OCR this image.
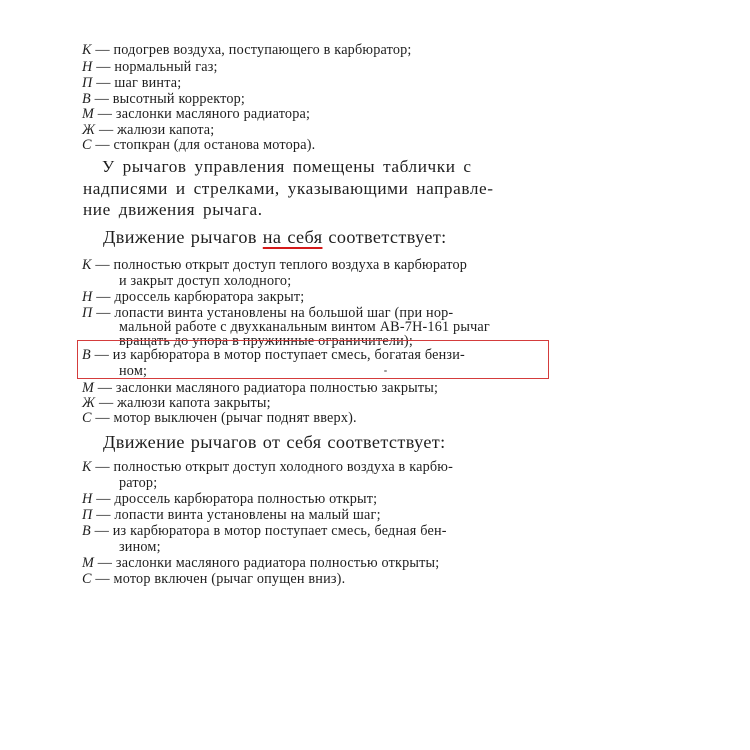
К — подогрев воздуха, поступающего в карбюратор;
Н — нормальный газ;
П — шаг винта;
В — высотный корректор;
М — заслонки масляного радиатора;
Ж — жалюзи капота;
С — стопкран (для останова мотора).
У рычагов управления помещены таблички с
надписями и стрелками, указывающими направле-
ние движения рычага.
Движение рычагов на себя соответствует:
К — полностью открыт доступ теплого воздуха в карбюратор
и закрыт доступ холодного;
Н — дроссель карбюратора закрыт;
П — лопасти винта установлены на большой шаг (при нор-
мальной работе с двухканальным винтом АВ-7Н-161 рычаг
вращать до упора в пружинные ограничители);
В — из карбюратора в мотор поступает смесь, богатая бензи-
ном;
М — заслонки масляного радиатора полностью закрыты;
Ж — жалюзи капота закрыты;
С — мотор выключен (рычаг поднят вверх).
Движение рычагов от себя соответствует:
К — полностью открыт доступ холодного воздуха в карбю-
ратор;
Н — дроссель карбюратора полностью открыт;
П — лопасти винта установлены на малый шаг;
В — из карбюратора в мотор поступает смесь, бедная бен-
зином;
М — заслонки масляного радиатора полностью открыты;
С — мотор включен (рычаг опущен вниз).
